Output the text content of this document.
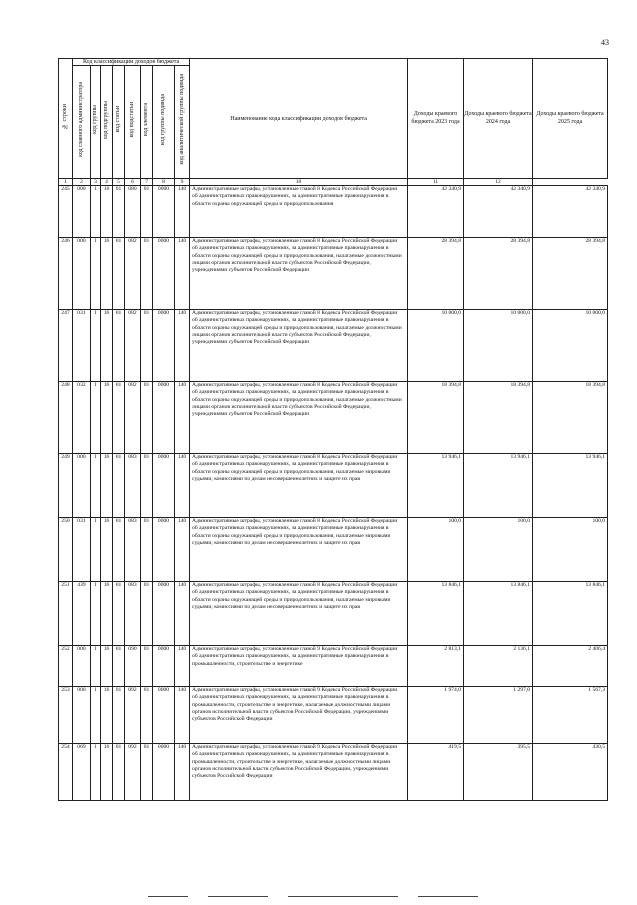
43
№ строки	Код классификации доходов бюджета								Наименование кода классификации доходов бюджета	Доходы краевого бюджета 2023 года	Доходы краевого бюджета 2024 года	Доходы краевого бюджета 2025 года
	код главного администратора	код группы	код подгруппы	код статьи	код подстатьи	код элемента	код группы подвида	код аналитической группы подвида				
1	2	3	4	5	6	7	8	9	10	11	12	
245	000	1	16	01	080	01	0000	140	Административные штрафы, установленные главой 8 Кодекса Российской Федерации об административных правонарушениях, за административные правонарушения в области охраны окружающей среды и природопользования	42 340,9	42 340,9	42 340,9
246	000	1	16	01	082	01	0000	140	Административные штрафы, установленные главой 8 Кодекса Российской Федерации об административных правонарушениях, за административные правонарушения в области охраны окружающей среды и природопользования, налагаемые должностными лицами органов исполнительной власти субъектов Российской Федерации, учреждениями субъектов Российской Федерации	28 394,8	28 394,8	28 394,8
247	031	1	16	01	082	01	0000	140	Административные штрафы, установленные главой 8 Кодекса Российской Федерации об административных правонарушениях, за административные правонарушения в области охраны окружающей среды и природопользования, налагаемые должностными лицами органов исполнительной власти субъектов Российской Федерации, учреждениями субъектов Российской Федерации	10 000,0	10 000,0	10 000,0
248	032	1	16	01	082	01	0000	140	Административные штрафы, установленные главой 8 Кодекса Российской Федерации об административных правонарушениях, за административные правонарушения в области охраны окружающей среды и природопользования, налагаемые должностными лицами органов исполнительной власти субъектов Российской Федерации, учреждениями субъектов Российской Федерации	18 394,8	18 394,8	18 394,8
249	000	1	16	01	083	01	0000	140	Административные штрафы, установленные главой 8 Кодекса Российской Федерации об административных правонарушениях, за административные правонарушения в области охраны окружающей среды и природопользования, налагаемые мировыми судьями, комиссиями по делам несовершеннолетних и защите их прав	13 946,1	13 946,1	13 946,1
250	031	1	16	01	083	01	0000	140	Административные штрафы, установленные главой 8 Кодекса Российской Федерации об административных правонарушениях, за административные правонарушения в области охраны окружающей среды и природопользования, налагаемые мировыми судьями, комиссиями по делам несовершеннолетних и защите их прав	100,0	100,0	100,0
251	439	1	16	01	083	01	0000	140	Административные штрафы, установленные главой 8 Кодекса Российской Федерации об административных правонарушениях, за административные правонарушения в области охраны окружающей среды и природопользования, налагаемые мировыми судьями, комиссиями по делам несовершеннолетних и защите их прав	13 846,1	13 846,1	13 846,1
252	000	1	16	01	090	01	0000	140	Административные штрафы, установленные главой 9 Кодекса Российской Федерации об административных правонарушениях, за административные правонарушения в промышленности, строительстве и энергетике	2 813,1	2 136,1	2 406,4
253	000	1	16	01	092	01	0000	140	Административные штрафы, установленные главой 9 Кодекса Российской Федерации об административных правонарушениях, за административные правонарушения в промышленности, строительстве и энергетике, налагаемые должностными лицами органов исполнительной власти субъектов Российской Федерации, учреждениями субъектов Российской Федерации	1 974,0	1 297,0	1 567,3
254	069	1	16	01	092	01	0000	140	Административные штрафы, установленные главой 9 Кодекса Российской Федерации об административных правонарушениях, за административные правонарушения в промышленности, строительстве и энергетике, налагаемые должностными лицами органов исполнительной власти субъектов Российской Федерации, учреждениями субъектов Российской Федерации	419,5	395,5	430,5
